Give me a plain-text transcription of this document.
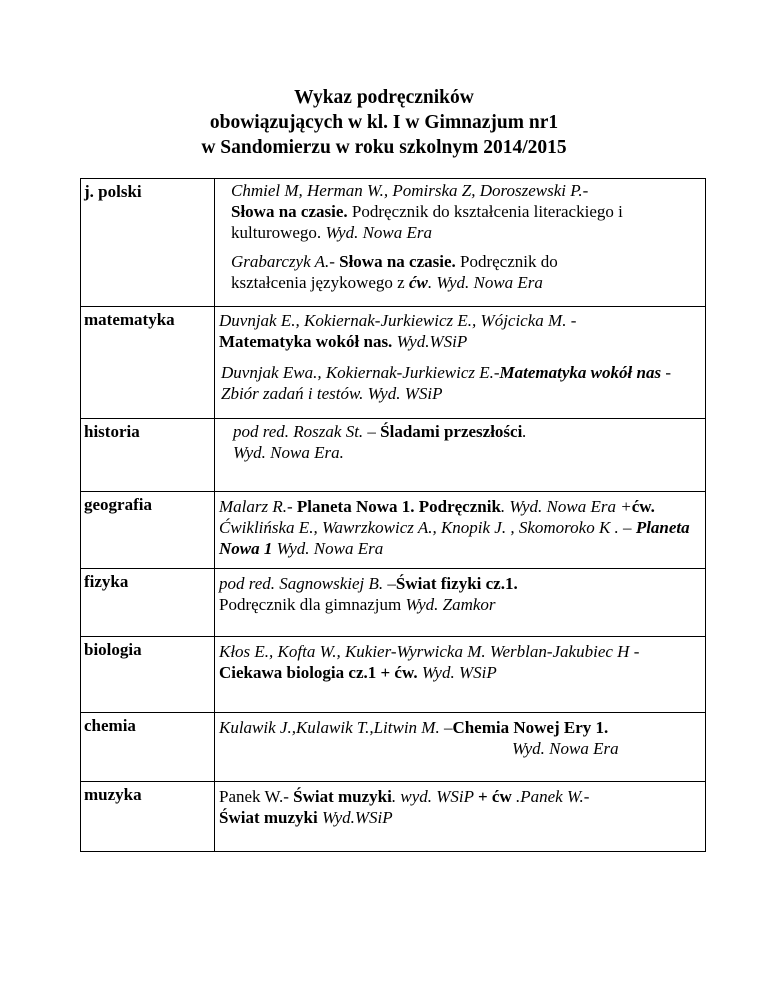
Wykaz podręczników
obowiązujących w kl. I w Gimnazjum nr1
w Sandomierzu w roku szkolnym 2014/2015
j. polski	Chmiel M, Herman W., Pomirska Z, Doroszewski P.-
Słowa na czasie. Podręcznik do kształcenia literackiego i kulturowego. Wyd. Nowa Era
Grabarczyk A.- Słowa na czasie. Podręcznik do kształcenia językowego z ćw. Wyd. Nowa Era

matematyka	Duvnjak E., Kokiernak-Jurkiewicz E., Wójcicka M. -
Matematyka wokół nas. Wyd.WSiP
Duvnjak Ewa., Kokiernak-Jurkiewicz E.-Matematyka wokół nas -Zbiór zadań i testów. Wyd. WSiP

historia	pod red. Roszak St. – Śladami przeszłości.
Wyd. Nowa Era.

geografia	Malarz R.- Planeta Nowa 1. Podręcznik. Wyd. Nowa Era +ćw. Ćwiklińska E., Wawrzkowicz A., Knopik J. , Skomoroko K . – Planeta Nowa 1 Wyd. Nowa Era

fizyka	pod red. Sagnowskiej B. –Świat fizyki cz.1.
Podręcznik dla gimnazjum Wyd. Zamkor

biologia	Kłos E., Kofta W., Kukier-Wyrwicka M. Werblan-Jakubiec H - Ciekawa biologia cz.1 + ćw. Wyd. WSiP

chemia	Kulawik J.,Kulawik T.,Litwin M. –Chemia Nowej Ery 1.
Wyd. Nowa Era

muzyka	Panek W.- Świat muzyki. wyd. WSiP + ćw .Panek W.-
Świat muzyki Wyd.WSiP
